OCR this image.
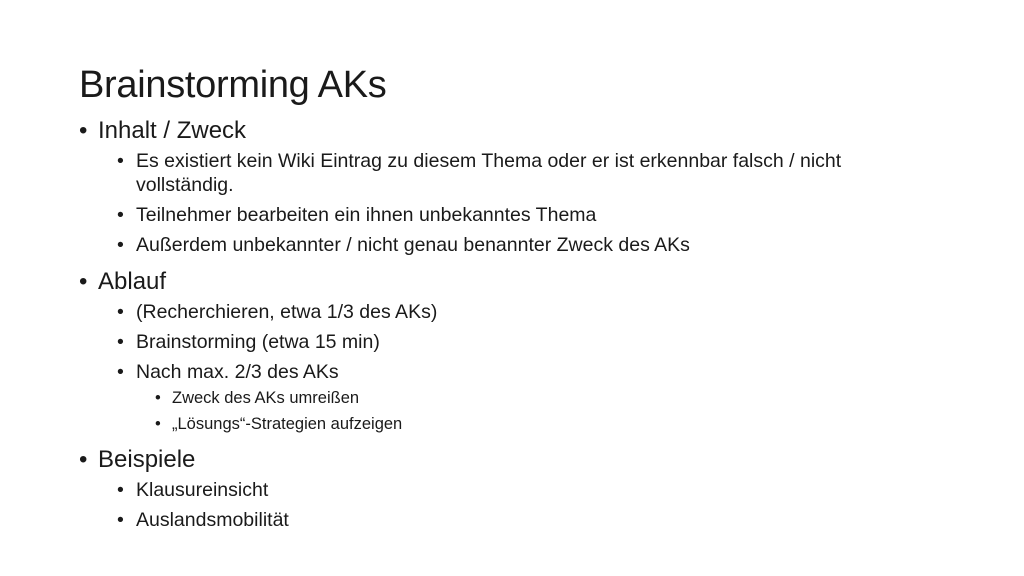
Brainstorming AKs
• Inhalt / Zweck
• Es existiert kein Wiki Eintrag zu diesem Thema oder er ist erkennbar falsch / nicht vollständig.
• Teilnehmer bearbeiten ein ihnen unbekanntes Thema
• Außerdem unbekannter / nicht genau benannter Zweck des AKs
• Ablauf
• (Recherchieren, etwa 1/3 des AKs)
• Brainstorming (etwa 15 min)
• Nach max. 2/3 des AKs
• Zweck des AKs umreißen
• „Lösungs“-Strategien aufzeigen
• Beispiele
• Klausureinsicht
• Auslandsmobilität
